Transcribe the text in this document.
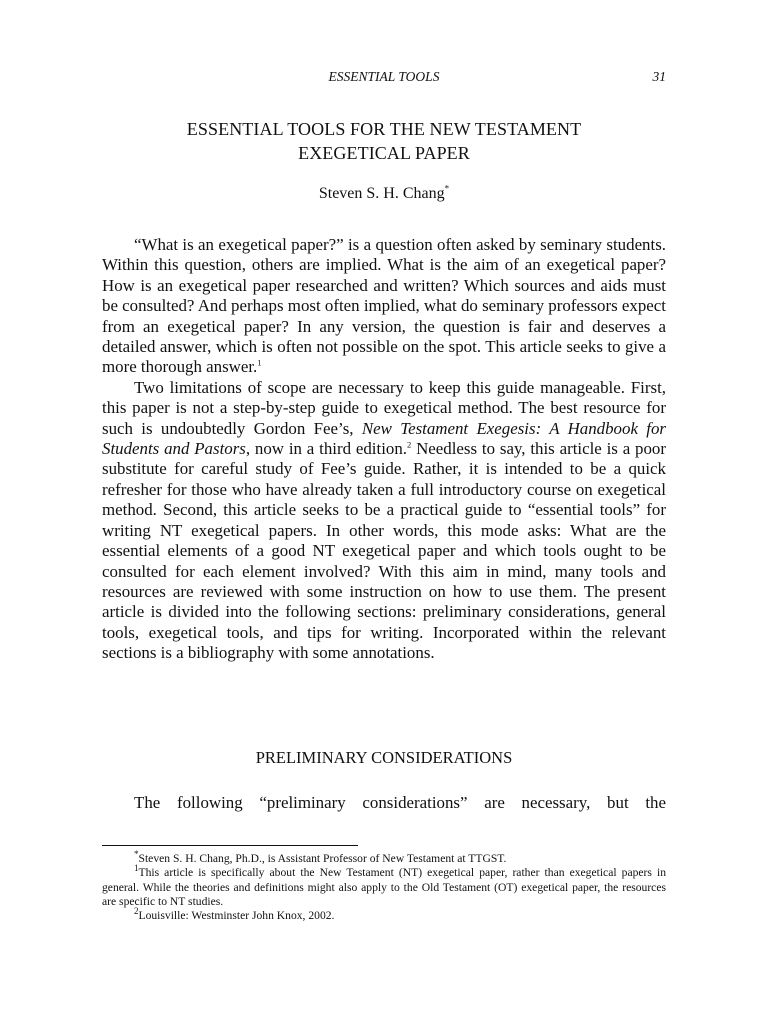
ESSENTIAL TOOLS	31
ESSENTIAL TOOLS FOR THE NEW TESTAMENT
EXEGETICAL PAPER
Steven S. H. Chang*

“What is an exegetical paper?” is a question often asked by seminary students. Within this question, others are implied. What is the aim of an exegetical paper? How is an exegetical paper researched and written? Which sources and aids must be consulted? And perhaps most often implied, what do seminary professors expect from an exegetical paper? In any version, the question is fair and deserves a detailed answer, which is often not possible on the spot. This article seeks to give a more thorough answer.$^1$

Two limitations of scope are necessary to keep this guide manageable. First, this paper is not a step-by-step guide to exegetical method. The best resource for such is undoubtedly Gordon Fee’s, New Testament Exegesis: A Handbook for Students and Pastors, now in a third edition.$^2$ Needless to say, this article is a poor substitute for careful study of Fee’s guide. Rather, it is intended to be a quick refresher for those who have already taken a full introductory course on exegetical method. Second, this article seeks to be a practical guide to “essential tools” for writing NT exegetical papers. In other words, this mode asks: What are the essential elements of a good NT exegetical paper and which tools ought to be consulted for each element involved? With this aim in mind, many tools and resources are reviewed with some instruction on how to use them. The present article is divided into the following sections: preliminary considerations, general tools, exegetical tools, and tips for writing. Incorporated within the relevant sections is a bibliography with some annotations.

PRELIMINARY CONSIDERATIONS
The following “preliminary considerations” are necessary, but the

*Steven S. H. Chang, Ph.D., is Assistant Professor of New Testament at TTGST.

$^1$This article is specifically about the New Testament (NT) exegetical paper, rather than exegetical papers in general. While the theories and definitions might also apply to the Old Testament (OT) exegetical paper, the resources are specific to NT studies.

$^2$Louisville: Westminster John Knox, 2002.
